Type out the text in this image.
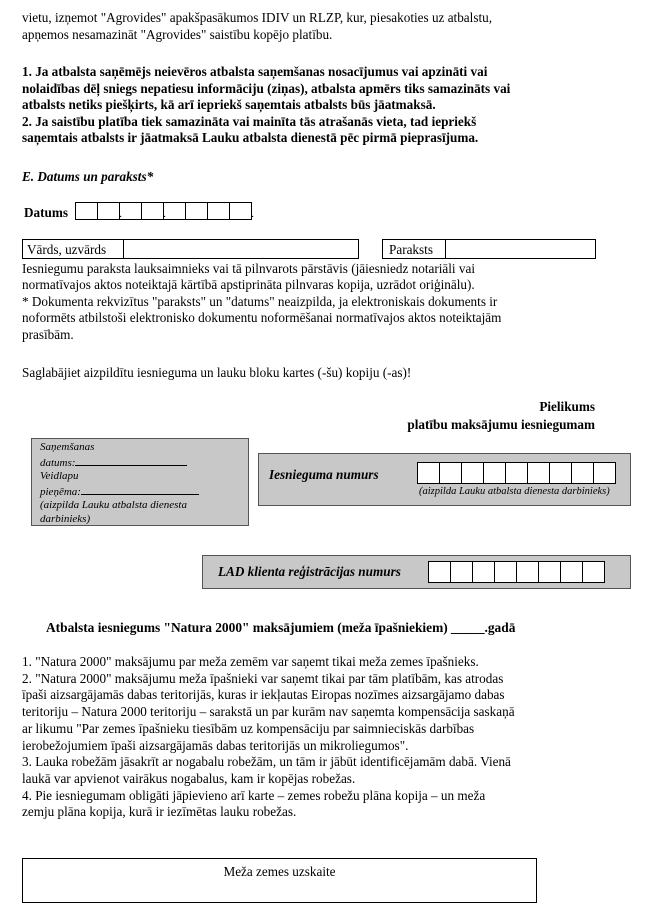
vietu, izņemot "Agrovides" apakšpasākumos IDIV un RLZP, kur, piesakoties uz atbalstu,

apņemos nesamazināt "Agrovides" saistību kopējo platību.

1. Ja atbalsta saņēmējs neievēros atbalsta saņemšanas nosacījumus vai apzināti vai

nolaidības dēļ sniegs nepatiesu informāciju (ziņas), atbalsta apmērs tiks samazināts vai

atbalsts netiks piešķirts, kā arī iepriekš saņemtais atbalsts būs jāatmaksā.

2. Ja saistību platība tiek samazināta vai mainīta tās atrašanās vieta, tad iepriekš

saņemtais atbalsts ir jāatmaksā Lauku atbalsta dienestā pēc pirmā pieprasījuma.

E. Datums un paraksts*
Datums	.	.	.
Vārds, uzvārds	Paraksts

Iesniegumu paraksta lauksaimnieks vai tā pilnvarots pārstāvis (jāiesniedz notariāli vai

normatīvajos aktos noteiktajā kārtībā apstiprināta pilnvaras kopija, uzrādot oriģinālu).

* Dokumenta rekvizītus "paraksts" un "datums" neaizpilda, ja elektroniskais dokuments ir

noformēts atbilstoši elektronisko dokumentu noformēšanai normatīvajos aktos noteiktajām

prasībām.

Saglabājiet aizpildītu iesnieguma un lauku bloku kartes (-šu) kopiju (-as)!
Pielikums
platību maksājumu iesniegumam
Saņemšanas
datums:
Veidlapu
pieņēma:
(aizpilda Lauku atbalsta dienesta
darbinieks)
Iesnieguma numurs
(aizpilda Lauku atbalsta dienesta darbinieks)
LAD klienta reģistrācijas numurs
Atbalsta iesniegums "Natura 2000" maksājumiem (meža īpašniekiem) _____.gadā

1. "Natura 2000" maksājumu par meža zemēm var saņemt tikai meža zemes īpašnieks.

2. "Natura 2000" maksājumu meža īpašnieki var saņemt tikai par tām platībām, kas atrodas

īpaši aizsargājamās dabas teritorijās, kuras ir iekļautas Eiropas nozīmes aizsargājamo dabas

teritoriju – Natura 2000 teritoriju – sarakstā un par kurām nav saņemta kompensācija saskaņā

ar likumu "Par zemes īpašnieku tiesībām uz kompensāciju par saimnieciskās darbības

ierobežojumiem īpaši aizsargājamās dabas teritorijās un mikroliegumos".

3. Lauka robežām jāsakrīt ar nogabalu robežām, un tām ir jābūt identificējamām dabā. Vienā

laukā var apvienot vairākus nogabalus, kam ir kopējas robežas.

4. Pie iesniegumam obligāti jāpievieno arī karte – zemes robežu plāna kopija – un meža

zemju plāna kopija, kurā ir iezīmētas lauku robežas.

Meža zemes uzskaite
